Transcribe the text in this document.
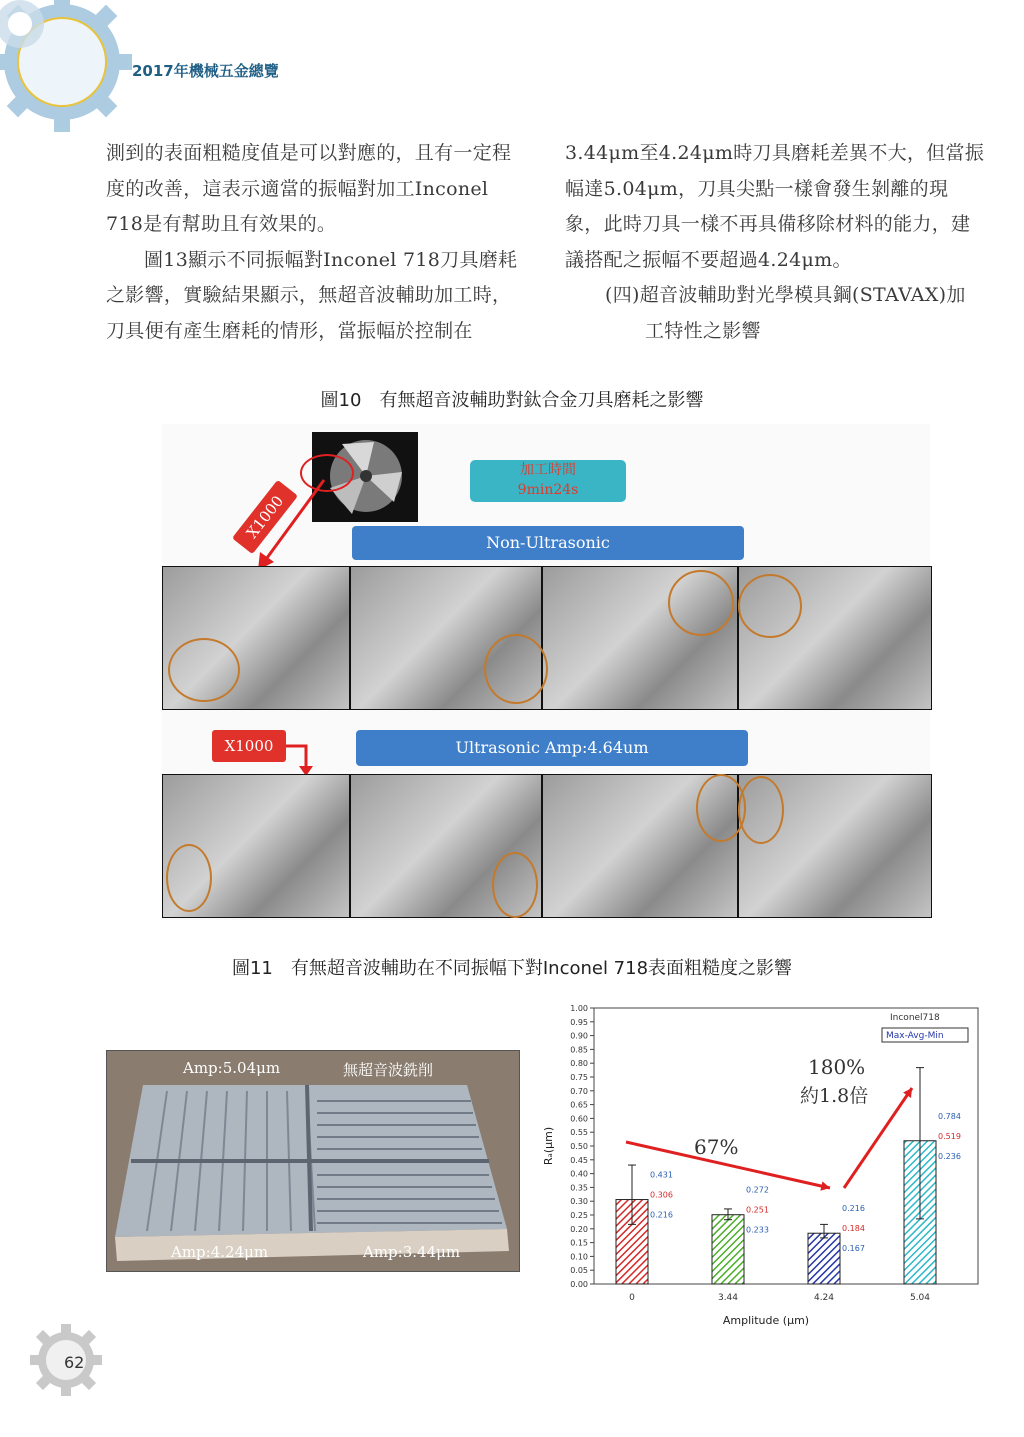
2017年機械五金總覽

測到的表面粗糙度值是可以對應的，且有一定程度的改善，這表示適當的振幅對加工Inconel 718是有幫助且有效果的。

圖13顯示不同振幅對Inconel 718刀具磨耗之影響，實驗結果顯示，無超音波輔助加工時，刀具便有產生磨耗的情形，當振幅於控制在

3.44μm至4.24μm時刀具磨耗差異不大，但當振幅達5.04μm，刀具尖點一樣會發生剝離的現象，此時刀具一樣不再具備移除材料的能力，建議搭配之振幅不要超過4.24μm。

(四)超音波輔助對光學模具鋼(STAVAX)加
工特性之影響

圖10　有無超音波輔助對鈦合金刀具磨耗之影響
X1000
加工時間
9min24s
Non-Ultrasonic
X1000	Ultrasonic Amp:4.64um
圖11　有無超音波輔助在不同振幅下對Inconel 718表面粗糙度之影響
Amp:5.04μm	無超音波銑削
Amp:4.24μm	Amp:3.44μm
0.00
0.05
0.10
0.15
0.20
0.25
0.30
0.35
0.40
0.45
0.50
0.55
0.60
0.65
0.70
0.75
0.80
0.85
0.90
0.95
1.00
Rₐ(μm)
Amplitude (μm)
0
0.431
0.306
0.216
3.44
0.272
0.251
0.233
4.24
0.216
0.184
0.167
5.04
0.784
0.519
0.236
Inconel718
Max-Avg-Min
67%
180%
約1.8倍
62
